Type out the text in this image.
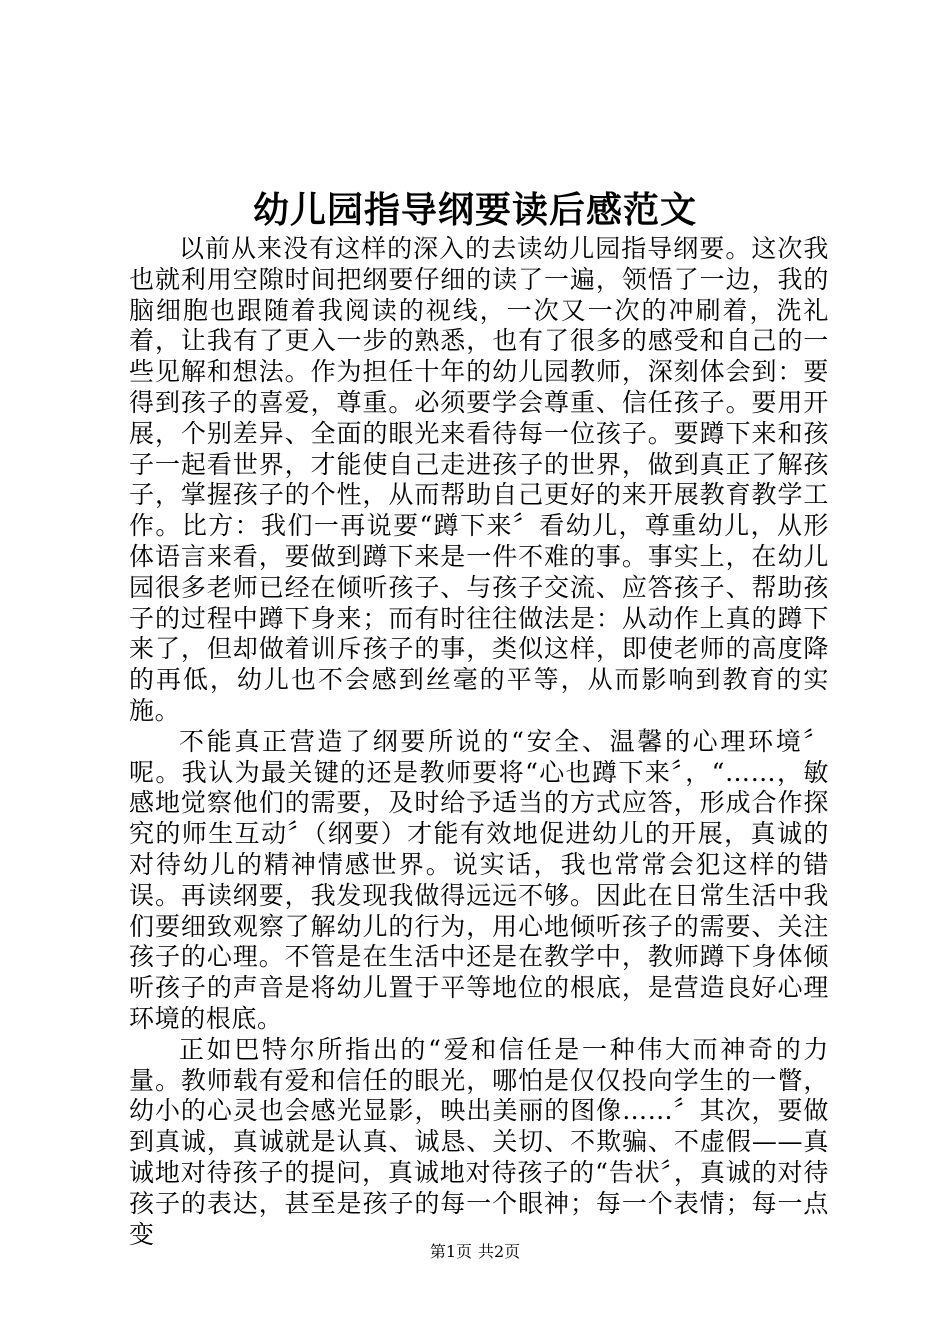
幼儿园指导纲要读后感范文

以前从来没有这样的深入的去读幼儿园指导纲要。这次我也就利用空隙时间把纲要仔细的读了一遍，领悟了一边，我的脑细胞也跟随着我阅读的视线，一次又一次的冲刷着，洗礼着，让我有了更入一步的熟悉，也有了很多的感受和自己的一些见解和想法。作为担任十年的幼儿园教师，深刻体会到：要得到孩子的喜爱，尊重。必须要学会尊重、信任孩子。要用开展，个别差异、全面的眼光来看待每一位孩子。要蹲下来和孩子一起看世界，才能使自己走进孩子的世界，做到真正了解孩子，掌握孩子的个性，从而帮助自己更好的来开展教育教学工作。比方：我们一再说要“蹲下来〞看幼儿，尊重幼儿，从形体语言来看，要做到蹲下来是一件不难的事。事实上，在幼儿园很多老师已经在倾听孩子、与孩子交流、应答孩子、帮助孩子的过程中蹲下身来；而有时往往做法是：从动作上真的蹲下来了，但却做着训斥孩子的事，类似这样，即使老师的高度降的再低，幼儿也不会感到丝毫的平等，从而影响到教育的实施。

不能真正营造了纲要所说的“安全、温馨的心理环境〞呢。我认为最关键的还是教师要将“心也蹲下来〞，“……，敏感地觉察他们的需要，及时给予适当的方式应答，形成合作探究的师生互动〞（纲要）才能有效地促进幼儿的开展，真诚的对待幼儿的精神情感世界。说实话，我也常常会犯这样的错误。再读纲要，我发现我做得远远不够。因此在日常生活中我们要细致观察了解幼儿的行为，用心地倾听孩子的需要、关注孩子的心理。不管是在生活中还是在教学中，教师蹲下身体倾听孩子的声音是将幼儿置于平等地位的根底，是营造良好心理环境的根底。

正如巴特尔所指出的“爱和信任是一种伟大而神奇的力量。教师载有爱和信任的眼光，哪怕是仅仅投向学生的一瞥，幼小的心灵也会感光显影，映出美丽的图像……〞其次，要做到真诚，真诚就是认真、诚恳、关切、不欺骗、不虚假——真诚地对待孩子的提问，真诚地对待孩子的“告状〞，真诚的对待孩子的表达，甚至是孩子的每一个眼神；每一个表情；每一点变

第1页 共2页
